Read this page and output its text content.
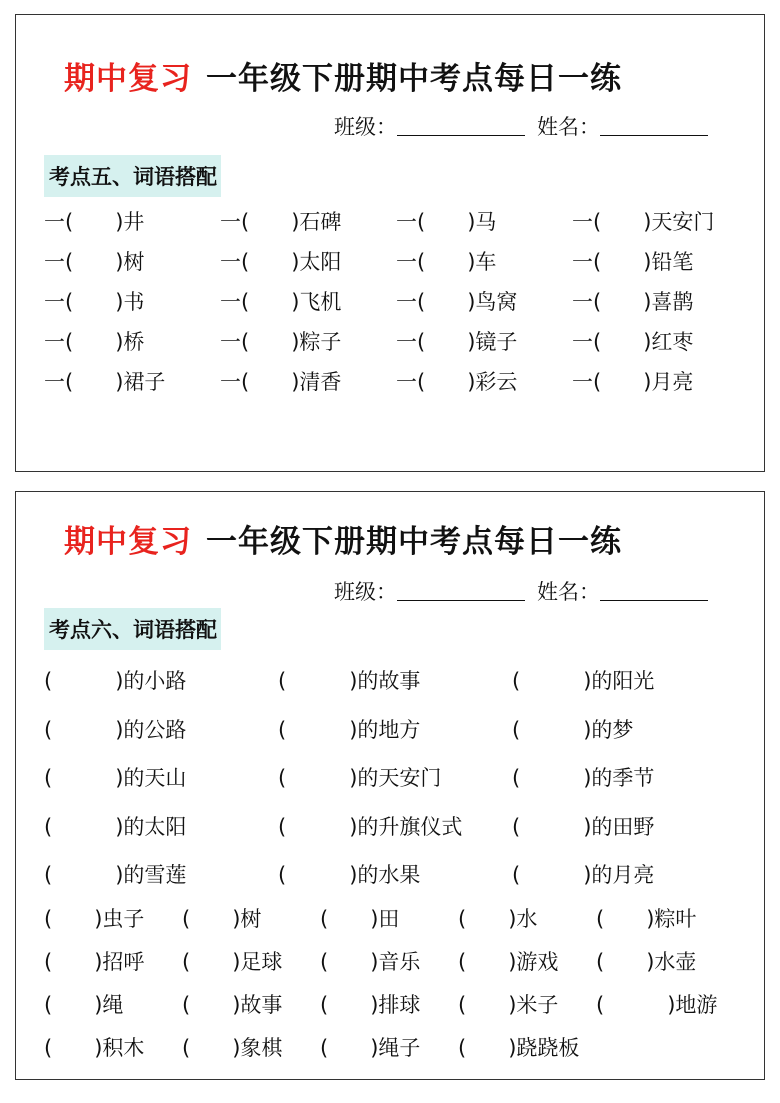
期中复习 一年级下册期中考点每日一练
班级：	姓名：
考点五、词语搭配
一(　　)井	一(　　)石碑	一(　　)马	一(　　)天安门
一(　　)树	一(　　)太阳	一(　　)车	一(　　)铅笔
一(　　)书	一(　　)飞机	一(　　)鸟窝	一(　　)喜鹊
一(　　)桥	一(　　)粽子	一(　　)镜子	一(　　)红枣
一(　　)裙子	一(　　)清香	一(　　)彩云	一(　　)月亮
期中复习 一年级下册期中考点每日一练
班级：	姓名：
考点六、词语搭配
(　　　)的小路	(　　　)的故事	(　　　)的阳光
(　　　)的公路	(　　　)的地方	(　　　)的梦
(　　　)的天山	(　　　)的天安门	(　　　)的季节
(　　　)的太阳	(　　　)的升旗仪式 (　　　)的田野
(　　　)的雪莲	(　　　)的水果	(　　　)的月亮
(　　)虫子 (　　)树	(　　)田	(　　)水	(　　)粽叶
(　　)招呼 (　　)足球 (　　)音乐 (　　)游戏 (　　)水壶
(　　)绳	(　　)故事 (　　)排球 (　　)米子 (　　　)地游
(　　)积木 (　　)象棋 (　　)绳子 (　　)跷跷板
